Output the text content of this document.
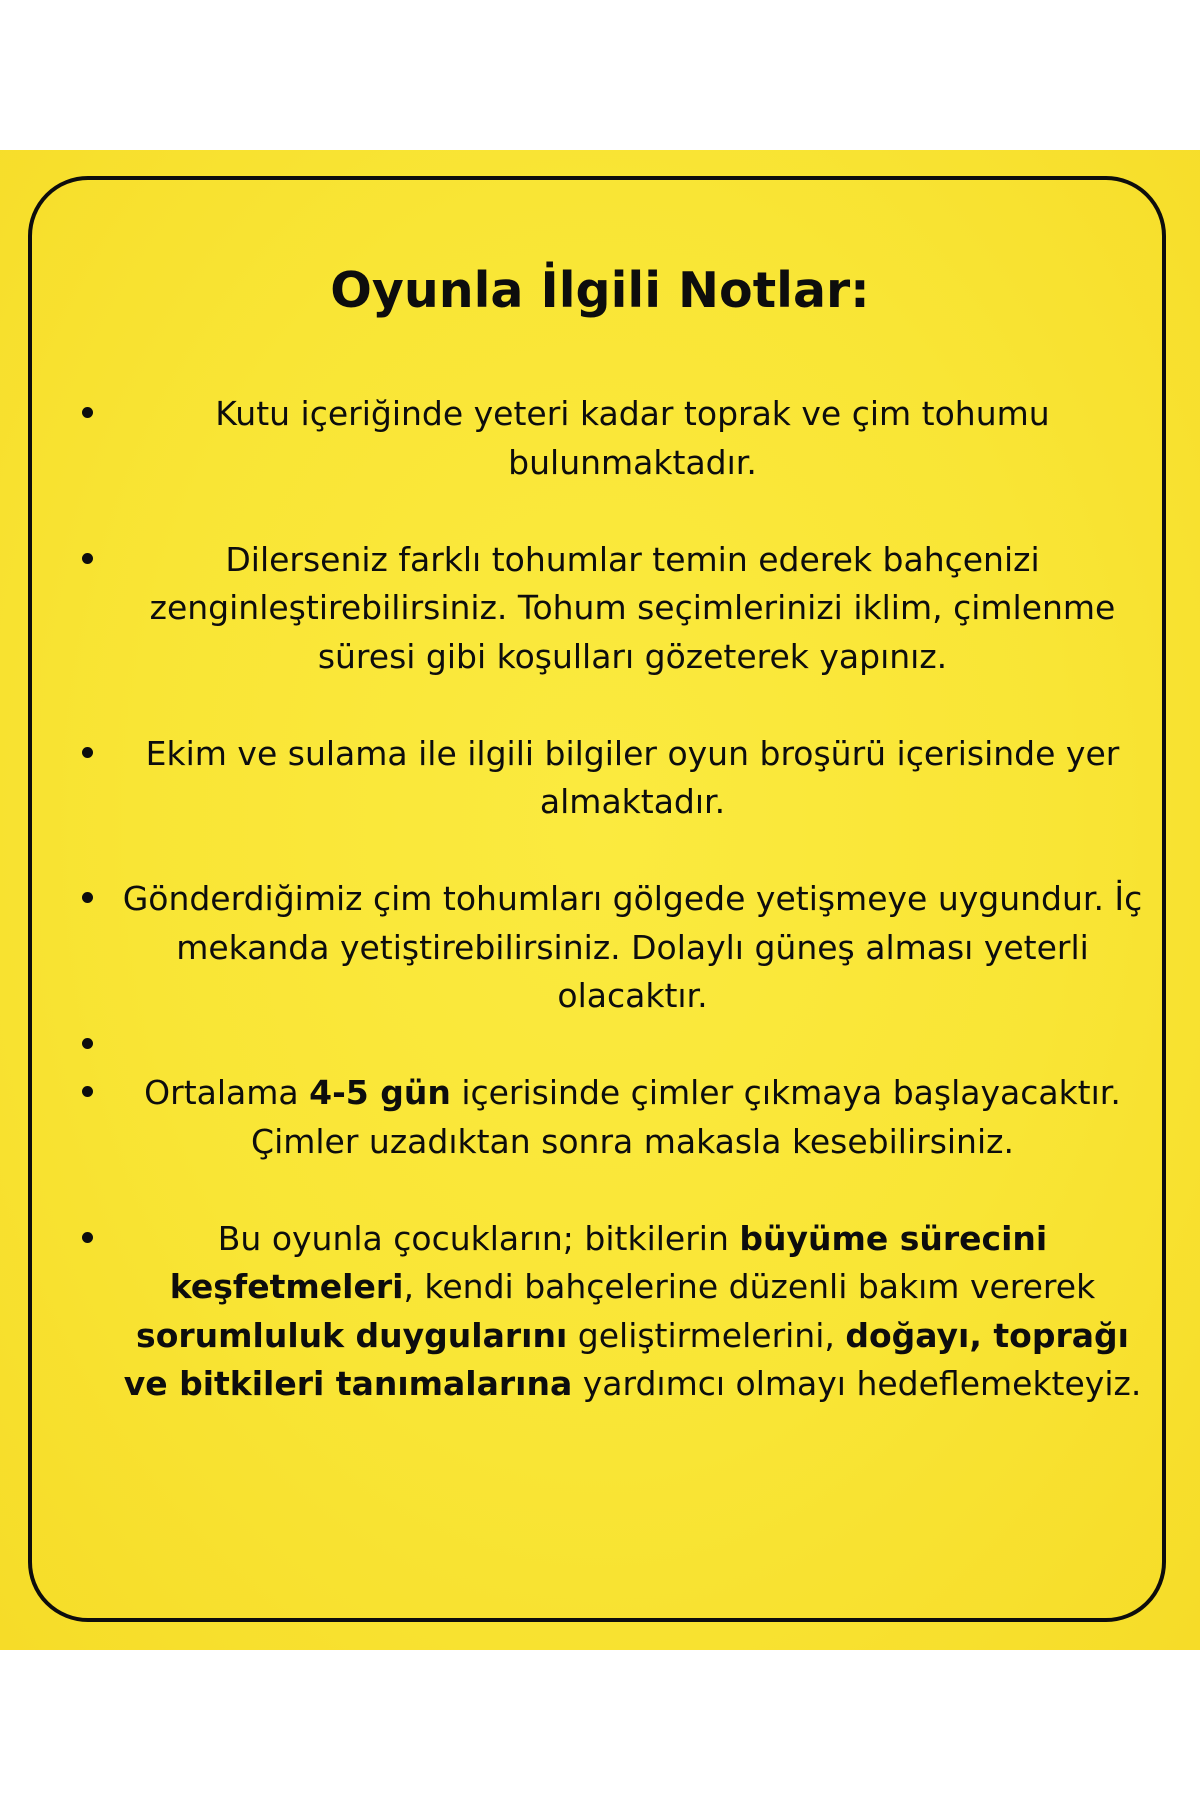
Oyunla İlgili Notlar:
Kutu içeriğinde yeteri kadar toprak ve çim tohumu bulunmaktadır.
Dilerseniz farklı tohumlar temin ederek bahçenizi zenginleştirebilirsiniz. Tohum seçimlerinizi iklim, çimlenme süresi gibi koşulları gözeterek yapınız.
Ekim ve sulama ile ilgili bilgiler oyun broşürü içerisinde yer almaktadır.
Gönderdiğimiz çim tohumları gölgede yetişmeye uygundur. İç mekanda yetiştirebilirsiniz. Dolaylı güneş alması yeterli olacaktır.
Ortalama 4-5 gün içerisinde çimler çıkmaya başlayacaktır. Çimler uzadıktan sonra makasla kesebilirsiniz.
Bu oyunla çocukların; bitkilerin büyüme sürecini keşfetmeleri, kendi bahçelerine düzenli bakım vererek sorumluluk duygularını geliştirmelerini, doğayı, toprağı ve bitkileri tanımalarına yardımcı olmayı hedeflemekteyiz.
